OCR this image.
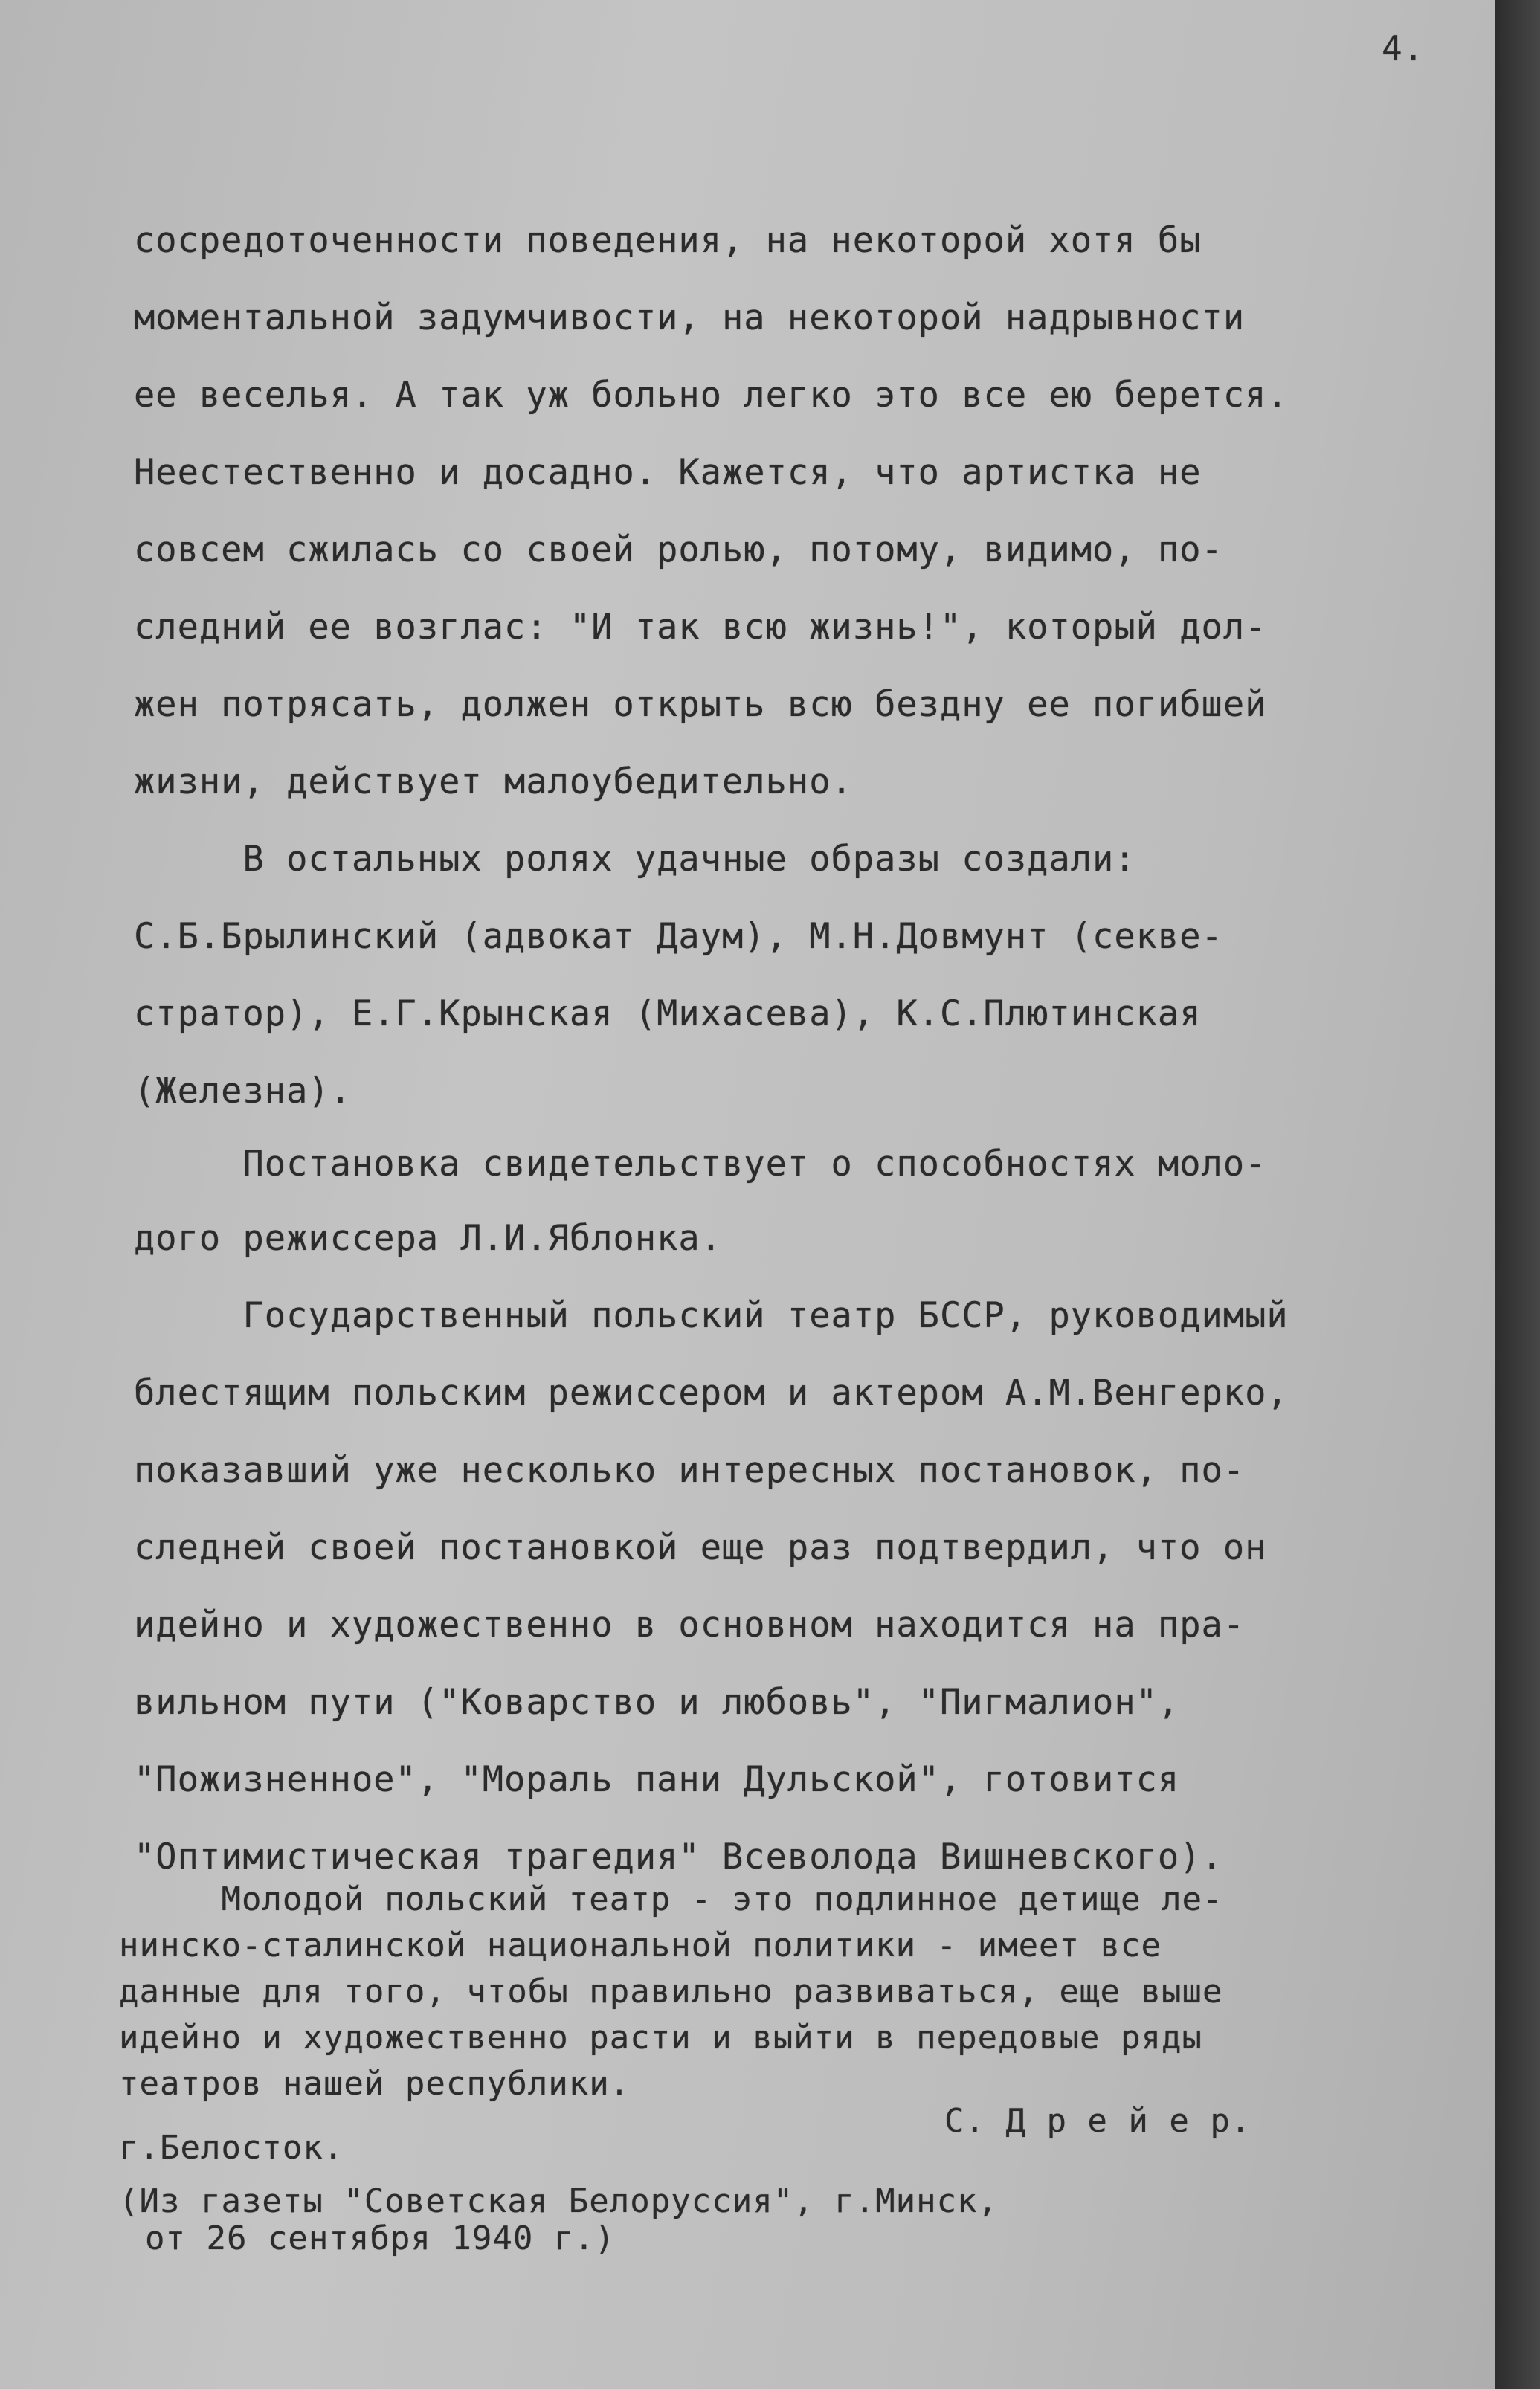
4.
сосредоточенности поведения, на некоторой хотя бы
моментальной задумчивости, на некоторой надрывности
ее веселья. А так уж больно легко это все ею берется.
Неестественно и досадно. Кажется, что артистка не
совсем сжилась со своей ролью, потому, видимо, по-
следний ее возглас: "И так всю жизнь!", который дол-
жен потрясать, должен открыть всю бездну ее погибшей
жизни, действует малоубедительно.
В остальных ролях удачные образы создали:
С.Б.Брылинский (адвокат Даум), М.Н.Довмунт (секве-
стратор), Е.Г.Крынская (Михасева), К.С.Плютинская
(Железна).
Постановка свидетельствует о способностях моло-
дого режиссера Л.И.Яблонка.
Государственный польский театр БССР, руководимый
блестящим польским режиссером и актером А.М.Венгерко,
показавший уже несколько интересных постановок, по-
следней своей постановкой еще раз подтвердил, что он
идейно и художественно в основном находится на пра-
вильном пути ("Коварство и любовь", "Пигмалион",
"Пожизненное", "Мораль пани Дульской", готовится
"Оптимистическая трагедия" Всеволода Вишневского).
Молодой польский театр - это подлинное детище ле-
нинско-сталинской национальной политики - имеет все
данные для того, чтобы правильно развиваться, еще выше
идейно и художественно расти и выйти в передовые ряды
театров нашей республики.
С. Д р е й е р.
г.Белосток.
(Из газеты "Советская Белоруссия", г.Минск,
от 26 сентября 1940 г.)
